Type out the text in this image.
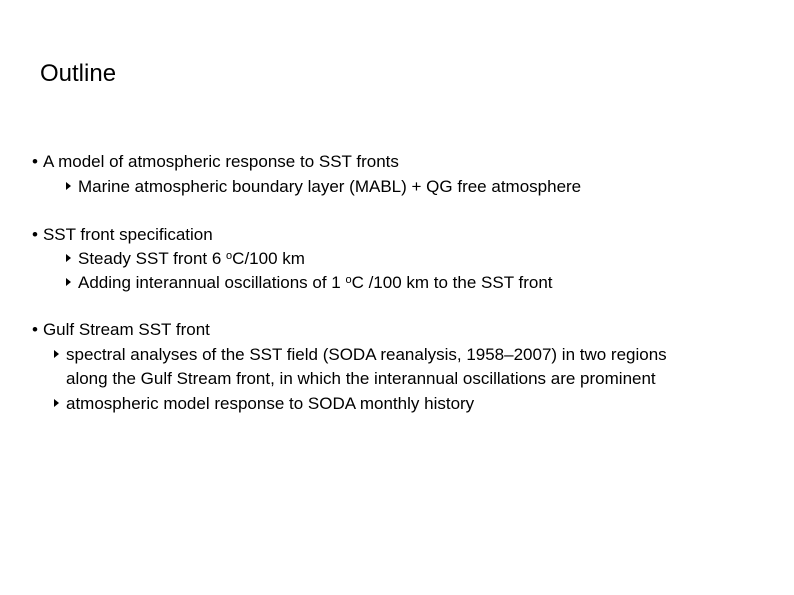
Outline
• A model of atmospheric response to SST fronts
Marine atmospheric boundary layer (MABL) + QG free atmosphere
• SST front specification
Steady SST front 6 $^o$C/100 km
Adding interannual oscillations of 1 $^o$C /100 km to the SST front
• Gulf Stream SST front
spectral analyses of the SST field (SODA reanalysis, 1958–2007) in two regions
along the Gulf Stream front, in which the interannual oscillations are prominent
atmospheric model response to SODA monthly history
